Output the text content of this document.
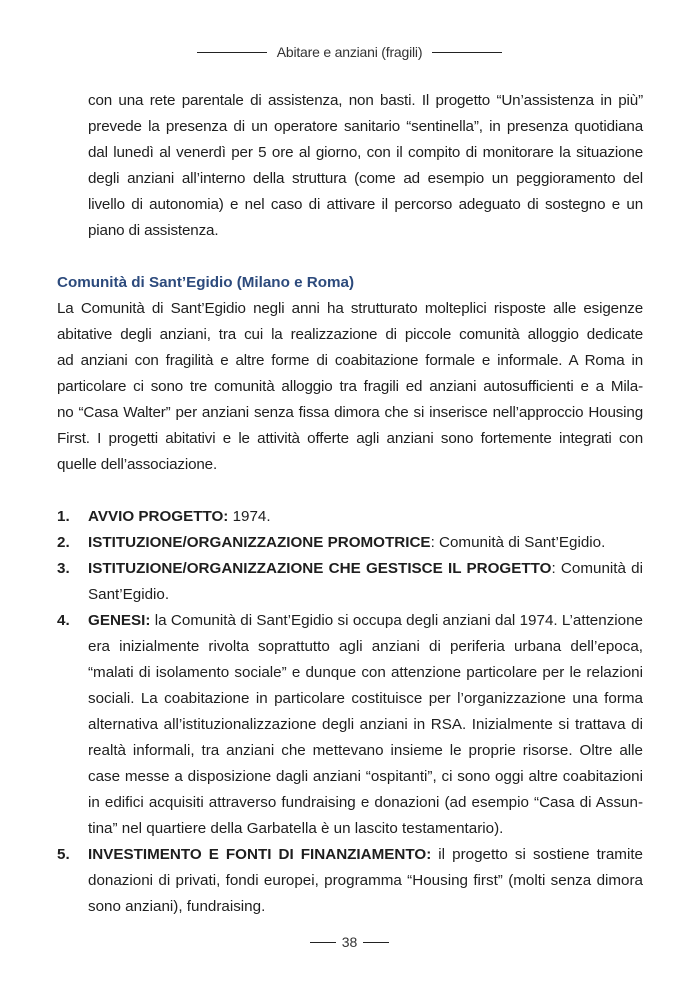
Abitare e anziani (fragili)

con una rete parentale di assistenza, non basti. Il progetto “Un’assistenza in più”
prevede la presenza di un operatore sanitario “sentinella”, in presenza quotidiana
dal lunedì al venerdì per 5 ore al giorno, con il compito di monitorare la situazione
degli anziani all’interno della struttura (come ad esempio un peggioramento del
livello di autonomia) e nel caso di attivare il percorso adeguato di sostegno e un
piano di assistenza.

Comunità di Sant’Egidio (Milano e Roma)

La Comunità di Sant’Egidio negli anni ha strutturato molteplici risposte alle esigenze
abitative degli anziani, tra cui la realizzazione di piccole comunità alloggio dedicate
ad anziani con fragilità e altre forme di coabitazione formale e informale. A Roma in
particolare ci sono tre comunità alloggio tra fragili ed anziani autosufficienti e a Mila-
no “Casa Walter” per anziani senza fissa dimora che si inserisce nell’approccio Housing
First. I progetti abitativi e le attività offerte agli anziani sono fortemente integrati con
quelle dell’associazione.

1. AVVIO PROGETTO: 1974.
2. ISTITUZIONE/ORGANIZZAZIONE PROMOTRICE: Comunità di Sant’Egidio.
3. ISTITUZIONE/ORGANIZZAZIONE CHE GESTISCE IL PROGETTO: Comunità di Sant’Egidio.
4. GENESI: la Comunità di Sant’Egidio si occupa degli anziani dal 1974. L’attenzione era inizialmente rivolta soprattutto agli anziani di periferia urbana dell’epoca, “malati di isolamento sociale” e dunque con attenzione particolare per le relazioni sociali. La coabitazione in particolare costituisce per l’organizzazione una forma alternativa all’istituzionalizzazione degli anziani in RSA. Inizialmente si trattava di realtà informali, tra anziani che mettevano insieme le proprie risorse. Oltre alle case messe a disposizione dagli anziani “ospitanti”, ci sono oggi altre coabitazioni in edifici acquisiti attraverso fundraising e donazioni (ad esempio “Casa di Assuntina” nel quartiere della Garbatella è un lascito testamentario).
5. INVESTIMENTO E FONTI DI FINANZIAMENTO: il progetto si sostiene tramite donazioni di privati, fondi europei, programma “Housing first” (molti senza dimora sono anziani), fundraising.
38
